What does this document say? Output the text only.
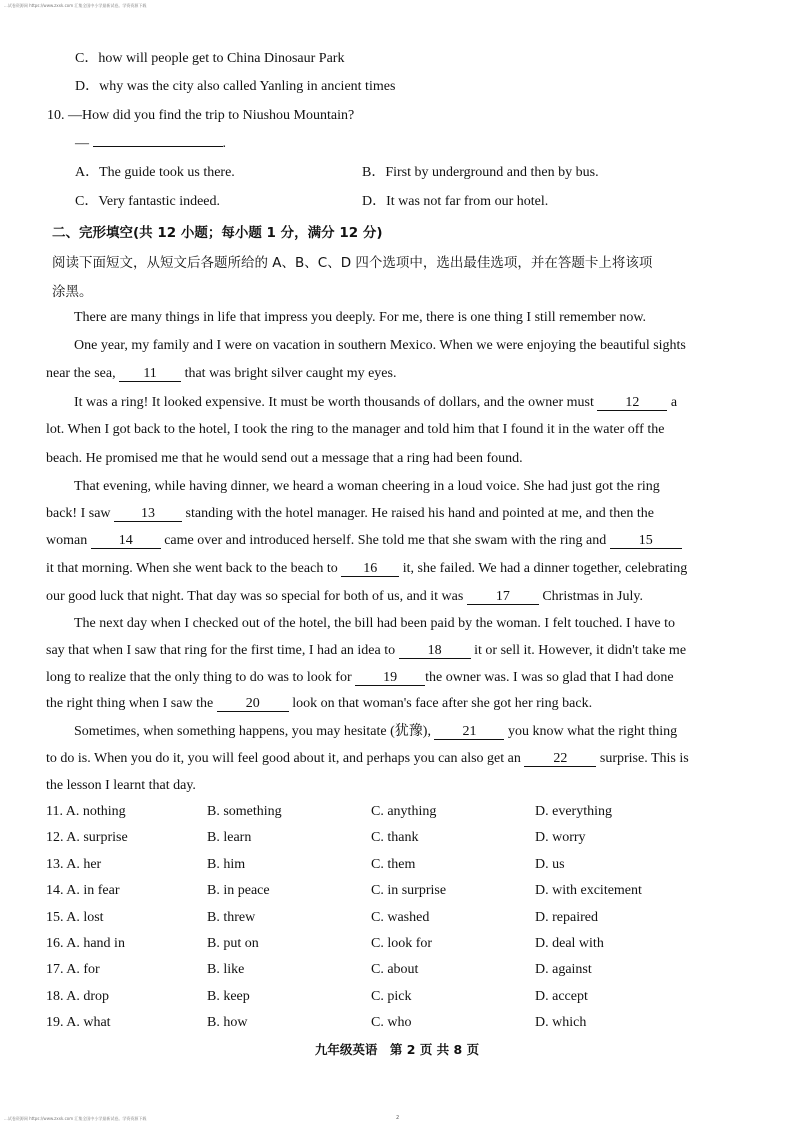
...试卷资源网 https://www.zxxk.com 汇集全国中小学最新试卷。学资资源下载
C．how will people get to China Dinosaur Park
D．why was the city also called Yanling in ancient times
10. —How did you find the trip to Niushou Mountain?
—	.
A．The guide took us there.	B．First by underground and then by bus.
C．Very fantastic indeed.	D．It was not far from our hotel.
二、完形填空(共 12 小题；每小题 1 分，满分 12 分)
阅读下面短文，从短文后各题所给的 A、B、C、D 四个选项中，选出最佳选项，并在答题卡上将该项
涂黑。
There are many things in life that impress you deeply. For me, there is one thing I still remember now.
One year, my family and I were on vacation in southern Mexico. When we were enjoying the beautiful sights
near the sea, 11 that was bright silver caught my eyes.
It was a ring! It looked expensive. It must be worth thousands of dollars, and the owner must 12 a
lot. When I got back to the hotel, I took the ring to the manager and told him that I found it in the water off the
beach. He promised me that he would send out a message that a ring had been found.
That evening, while having dinner, we heard a woman cheering in a loud voice. She had just got the ring
back! I saw 13 standing with the hotel manager. He raised his hand and pointed at me, and then the
woman 14 came over and introduced herself. She told me that she swam with the ring and 15
it that morning. When she went back to the beach to 16 it, she failed. We had a dinner together, celebrating
our good luck that night. That day was so special for both of us, and it was 17 Christmas in July.
The next day when I checked out of the hotel, the bill had been paid by the woman. I felt touched. I have to
say that when I saw that ring for the first time, I had an idea to 18 it or sell it. However, it didn't take me
long to realize that the only thing to do was to look for 19 the owner was. I was so glad that I had done
the right thing when I saw the 20 look on that woman's face after she got her ring back.
Sometimes, when something happens, you may hesitate (犹豫), 21 you know what the right thing
to do is. When you do it, you will feel good about it, and perhaps you can also get an 22 surprise. This is
the lesson I learnt that day.
11. A. nothing	B. something	C. anything	D. everything
12. A. surprise	B. learn	C. thank	D. worry
13. A. her	B. him	C. them	D. us
14. A. in fear	B. in peace	C. in surprise	D. with excitement
15. A. lost	B. threw	C. washed	D. repaired
16. A. hand in	B. put on	C. look for	D. deal with
17. A. for	B. like	C. about	D. against
18. A. drop	B. keep	C. pick	D. accept
19. A. what	B. how	C. who	D. which
九年级英语　第 2 页 共 8 页
...试卷资源网 https://www.zxxk.com 汇集全国中小学最新试卷。学资资源下载	2
